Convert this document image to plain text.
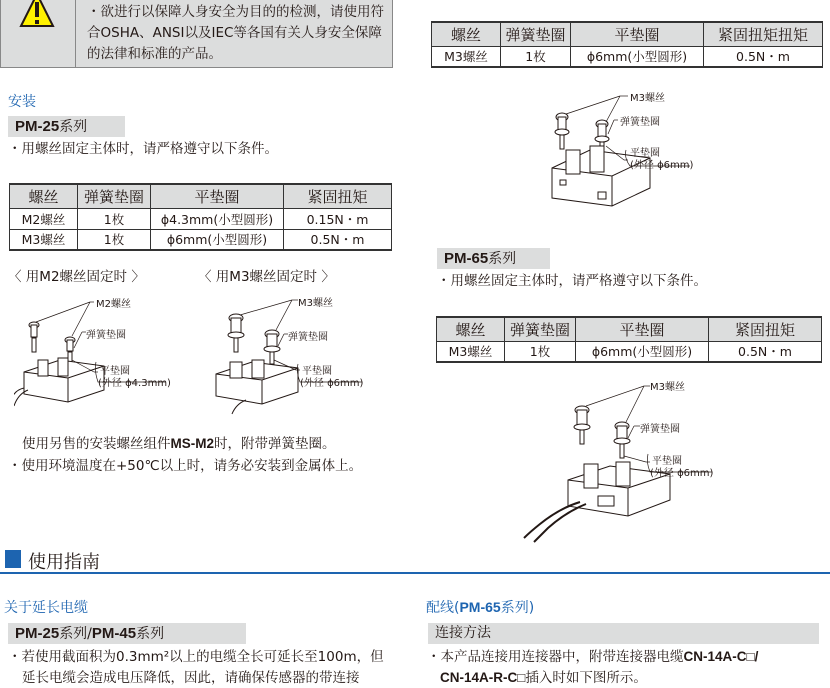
・欲进行以保障人身安全为目的的检测，请使用符合OSHA、ANSI以及IEC等各国有关人身安全保障的法律和标准的产品。
螺丝	弹簧垫圈	平垫圈	紧固扭矩扭矩
M3螺丝	1枚	ϕ6mm(小型圆形)	0.5N・m
M3螺丝
弹簧垫圈
平垫圈
(外径 ϕ6mm)
安装
PM-25系列
・用螺丝固定主体时，请严格遵守以下条件。
螺丝	弹簧垫圈	平垫圈	紧固扭矩
M2螺丝	1枚	ϕ4.3mm(小型圆形)	0.15N・m
M3螺丝	1枚	ϕ6mm(小型圆形)	0.5N・m
〈 用M2螺丝固定时 〉	〈 用M3螺丝固定时 〉
M2螺丝
弹簧垫圈
平垫圈
(外径 ϕ4.3mm)
M3螺丝
弹簧垫圈
平垫圈
(外径 ϕ6mm)
使用另售的安装螺丝组件MS-M2时，附带弹簧垫圈。
・使用环境温度在+50℃以上时，请务必安装到金属体上。
PM-65系列
・用螺丝固定主体时，请严格遵守以下条件。
螺丝	弹簧垫圈	平垫圈	紧固扭矩
M3螺丝	1枚	ϕ6mm(小型圆形)	0.5N・m
M3螺丝
弹簧垫圈
平垫圈
(外径 ϕ6mm)
使用指南
关于延长电缆
PM-25系列/PM-45系列
・若使用截面积为0.3mm²以上的电缆全长可延长至100m，但
延长电缆会造成电压降低，因此，请确保传感器的带连接
配线(PM-65系列)
连接方法
・本产品连接用连接器中，附带连接器电缆CN-14A-C□/
CN-14A-R-C□插入时如下图所示。
